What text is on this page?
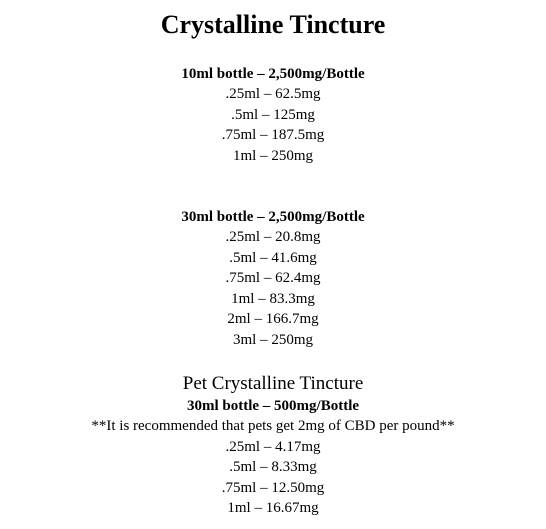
Crystalline Tincture
10ml bottle – 2,500mg/Bottle
.25ml – 62.5mg
.5ml – 125mg
.75ml – 187.5mg
1ml – 250mg
30ml bottle – 2,500mg/Bottle
.25ml – 20.8mg
.5ml – 41.6mg
.75ml – 62.4mg
1ml – 83.3mg
2ml – 166.7mg
3ml – 250mg
Pet Crystalline Tincture
30ml bottle – 500mg/Bottle
**It is recommended that pets get 2mg of CBD per pound**
.25ml – 4.17mg
.5ml – 8.33mg
.75ml – 12.50mg
1ml – 16.67mg
